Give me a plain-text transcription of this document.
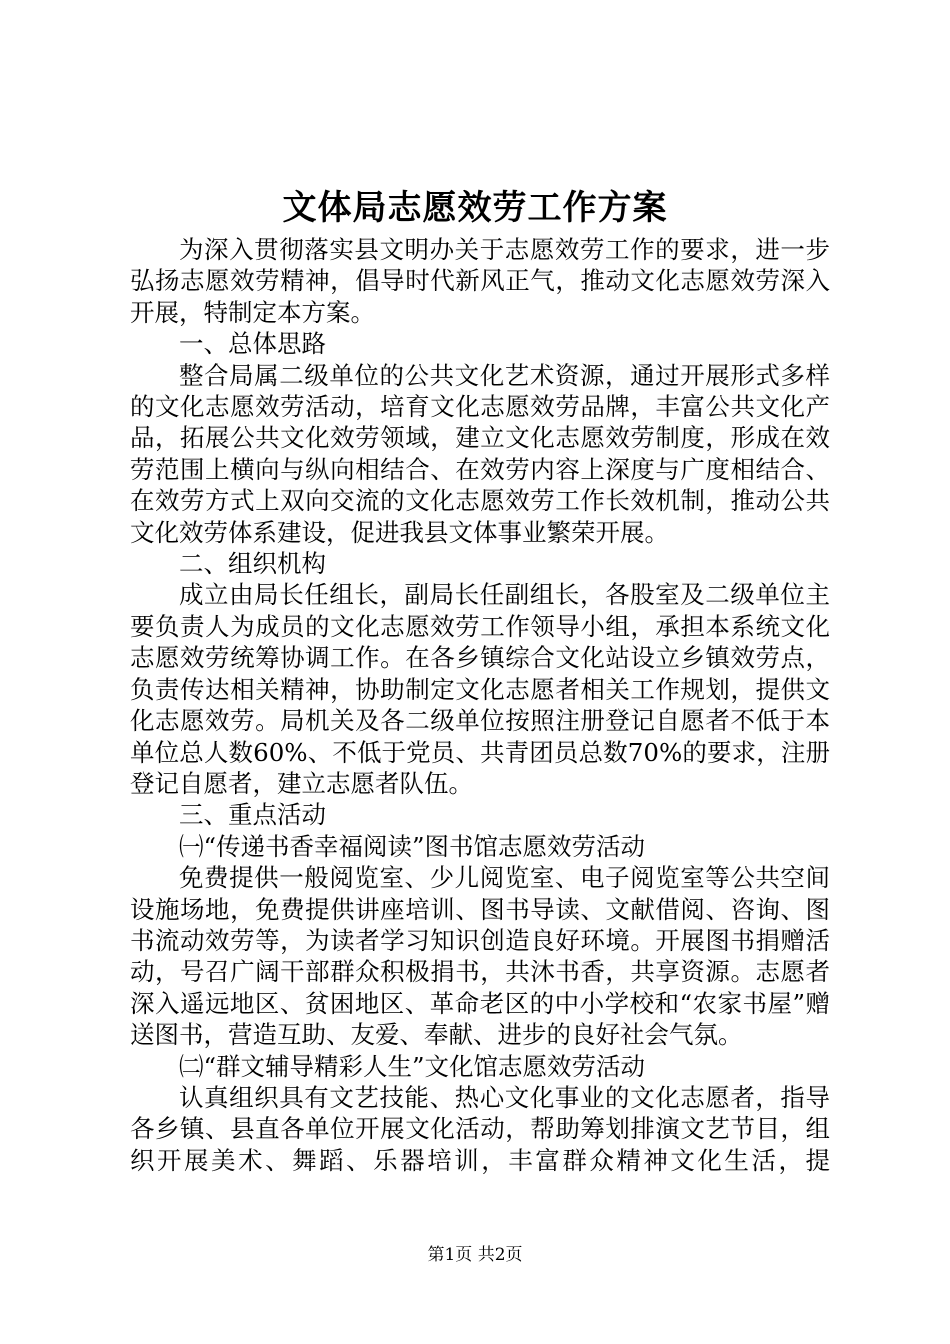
文体局志愿效劳工作方案

为深入贯彻落实县文明办关于志愿效劳工作的要求，进一步弘扬志愿效劳精神，倡导时代新风正气，推动文化志愿效劳深入开展，特制定本方案。

一、总体思路

整合局属二级单位的公共文化艺术资源，通过开展形式多样的文化志愿效劳活动，培育文化志愿效劳品牌，丰富公共文化产品，拓展公共文化效劳领域，建立文化志愿效劳制度，形成在效劳范围上横向与纵向相结合、在效劳内容上深度与广度相结合、在效劳方式上双向交流的文化志愿效劳工作长效机制，推动公共文化效劳体系建设，促进我县文体事业繁荣开展。

二、组织机构

成立由局长任组长，副局长任副组长，各股室及二级单位主要负责人为成员的文化志愿效劳工作领导小组，承担本系统文化志愿效劳统筹协调工作。在各乡镇综合文化站设立乡镇效劳点，负责传达相关精神，协助制定文化志愿者相关工作规划，提供文化志愿效劳。局机关及各二级单位按照注册登记自愿者不低于本单位总人数60%、不低于党员、共青团员总数70%的要求，注册登记自愿者，建立志愿者队伍。

三、重点活动

㈠“传递书香幸福阅读”图书馆志愿效劳活动

免费提供一般阅览室、少儿阅览室、电子阅览室等公共空间设施场地，免费提供讲座培训、图书导读、文献借阅、咨询、图书流动效劳等，为读者学习知识创造良好环境。开展图书捐赠活动，号召广阔干部群众积极捐书，共沐书香，共享资源。志愿者深入遥远地区、贫困地区、革命老区的中小学校和“农家书屋”赠送图书，营造互助、友爱、奉献、进步的良好社会气氛。

㈡“群文辅导精彩人生”文化馆志愿效劳活动

认真组织具有文艺技能、热心文化事业的文化志愿者，指导各乡镇、县直各单位开展文化活动，帮助筹划排演文艺节目，组织开展美术、舞蹈、乐器培训，丰富群众精神文化生活，提

第1页 共2页
